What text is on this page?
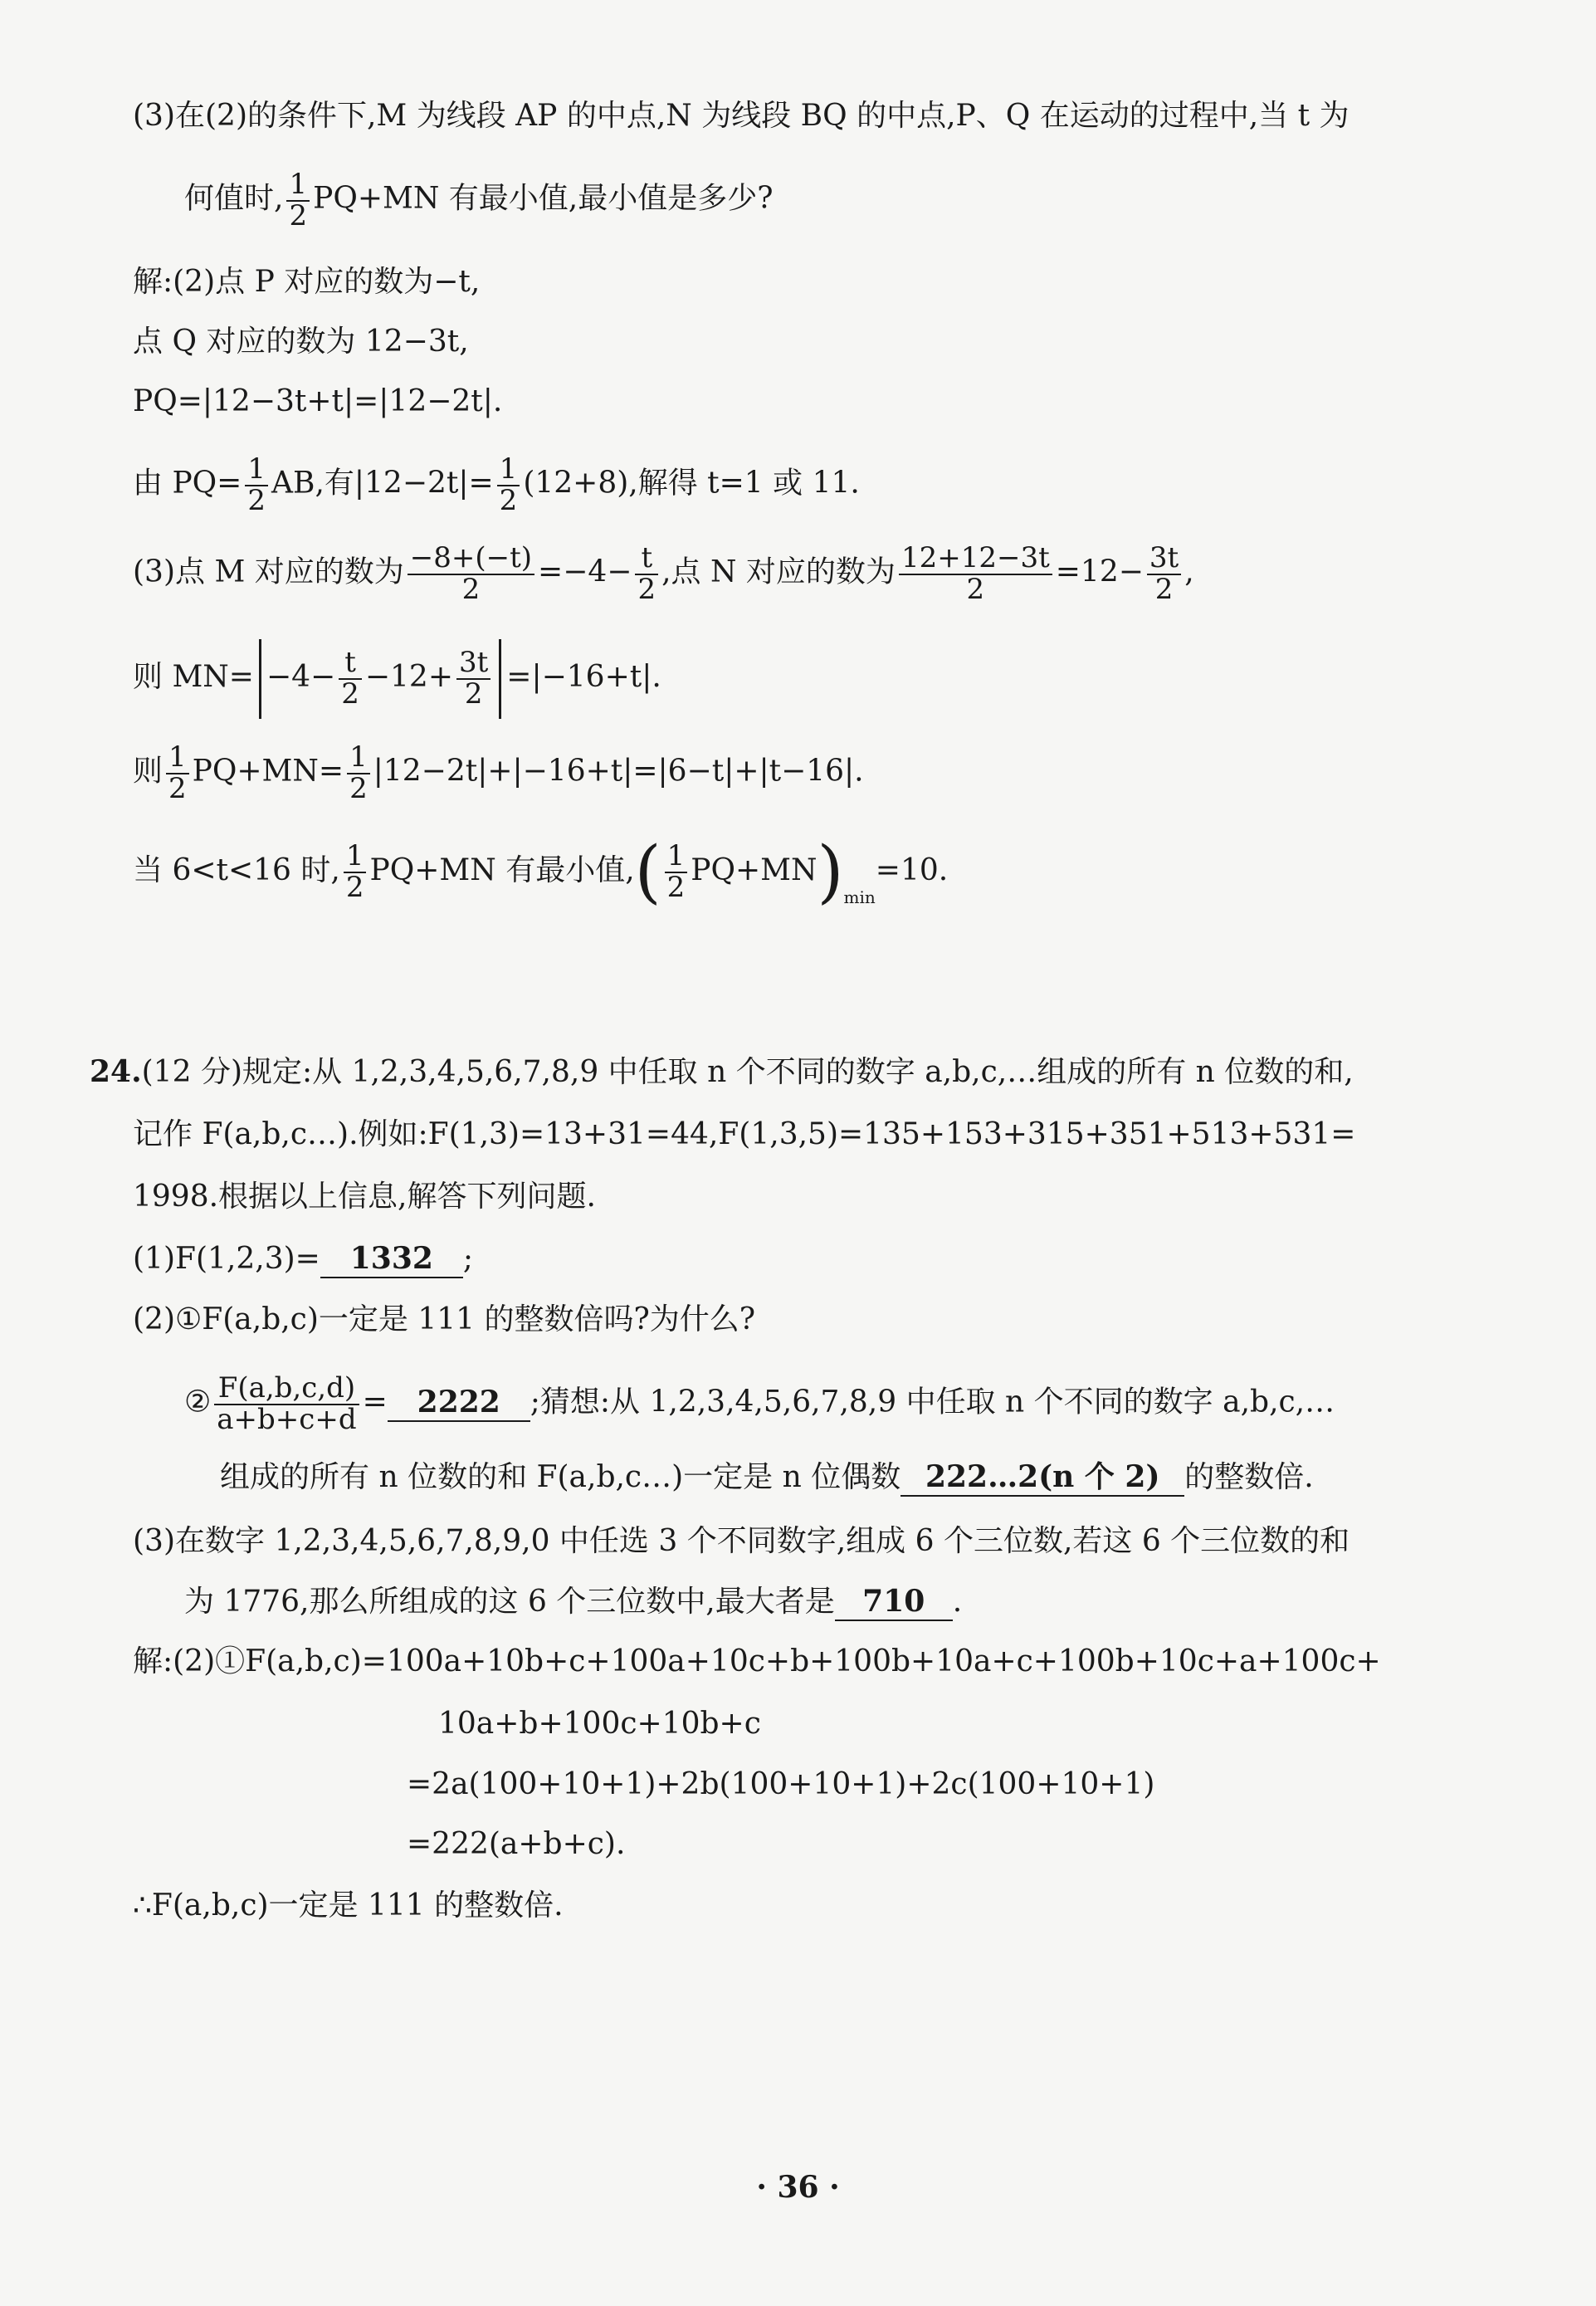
(3)在(2)的条件下,M 为线段 AP 的中点,N 为线段 BQ 的中点,P、Q 在运动的过程中,当 t 为
何值时, $\frac{1}{2} PQ+MN$ 有最小值,最小值是多少?
解:(2)点 P 对应的数为−t,
点 Q 对应的数为 12−3t,
PQ=|12−3t+t|=|12−2t|.
由 $PQ= \frac{1}{2}$ AB,有$|12-2t|= \frac{1}{2} (12+8)$,解得 t=1 或 11.
(3)点 M 对应的数为 $\frac{-8+(-t)}{2} =-4- \frac{t}{2}$ ,点 N 对应的数为 $\frac{12+12-3t}{2} =12- \frac{3t}{2}$ ,
则 $MN= -4- \frac{t}{2} -12+ \frac{3t}{2} =|-16+t|$.
则 $\frac{1}{2} PQ+MN= \frac{1}{2} |12-2t|+|-16+t|=|6-t|+|t-16|$.
当 6<t<16 时, $\frac{1}{2} PQ+MN$ 有最小值,( $\frac{1}{2} PQ+MN)_{min}=10$.
24.(12 分)规定:从 1,2,3,4,5,6,7,8,9 中任取 n 个不同的数字 a,b,c,…组成的所有 n 位数的和,
记作 F(a,b,c…).例如:F(1,3)=13+31=44,F(1,3,5)=135+153+315+351+513+531=
1998.根据以上信息,解答下列问题.
(1)F(1,2,3)= 1332 ;
(2)①F(a,b,c)一定是 111 的整数倍吗?为什么?
② $\frac{F(a,b,c,d)}{a+b+c+d} = 2222$ ;猜想:从 1,2,3,4,5,6,7,8,9 中任取 n 个不同的数字 a,b,c,…
组成的所有 n 位数的和 F(a,b,c…)一定是 n 位偶数 222…2(n 个 2) 的整数倍.
(3)在数字 1,2,3,4,5,6,7,8,9,0 中任选 3 个不同数字,组成 6 个三位数,若这 6 个三位数的和
为 1776,那么所组成的这 6 个三位数中,最大者是 710 .
解:(2)①F(a,b,c)=100a+10b+c+100a+10c+b+100b+10a+c+100b+10c+a+100c+
10a+b+100c+10b+c
=2a(100+10+1)+2b(100+10+1)+2c(100+10+1)
=222(a+b+c).
∴F(a,b,c)一定是 111 的整数倍.
· 36 ·
